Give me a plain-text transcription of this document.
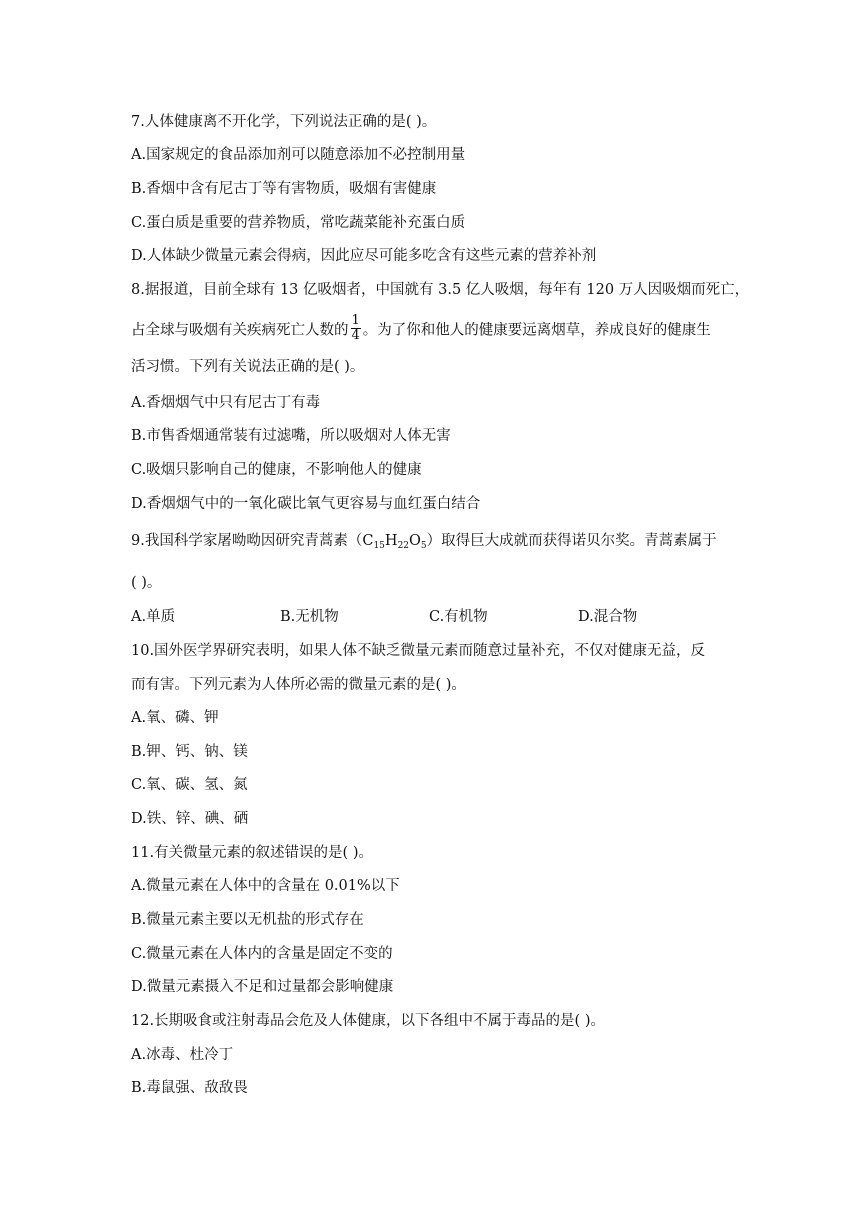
7.人体健康离不开化学，下列说法正确的是( )。
A.国家规定的食品添加剂可以随意添加不必控制用量
B.香烟中含有尼古丁等有害物质，吸烟有害健康
C.蛋白质是重要的营养物质，常吃蔬菜能补充蛋白质
D.人体缺少微量元素会得病，因此应尽可能多吃含有这些元素的营养补剂
8.据报道，目前全球有 13 亿吸烟者，中国就有 3.5 亿人吸烟，每年有 120 万人因吸烟而死亡，
占全球与吸烟有关疾病死亡人数的 $\frac{1}{4}$ 。为了你和他人的健康要远离烟草，养成良好的健康生
活习惯。下列有关说法正确的是( )。
A.香烟烟气中只有尼古丁有毒
B.市售香烟通常装有过滤嘴，所以吸烟对人体无害
C.吸烟只影响自己的健康，不影响他人的健康
D.香烟烟气中的一氧化碳比氧气更容易与血红蛋白结合
9.我国科学家屠呦呦因研究青蒿素$(C_{15}H_{22}O_5)$取得巨大成就而获得诺贝尔奖。青蒿素属于
( )。
A.单质	B.无机物	C.有机物	D.混合物
10.国外医学界研究表明，如果人体不缺乏微量元素而随意过量补充，不仅对健康无益，反
而有害。下列元素为人体所必需的微量元素的是( )。
A.氧、磷、钾
B.钾、钙、钠、镁
C.氧、碳、氢、氮
D.铁、锌、碘、硒
11.有关微量元素的叙述错误的是( )。
A.微量元素在人体中的含量在 0.01%以下
B.微量元素主要以无机盐的形式存在
C.微量元素在人体内的含量是固定不变的
D.微量元素摄入不足和过量都会影响健康
12.长期吸食或注射毒品会危及人体健康，以下各组中不属于毒品的是( )。
A.冰毒、杜冷丁
B.毒鼠强、敌敌畏
